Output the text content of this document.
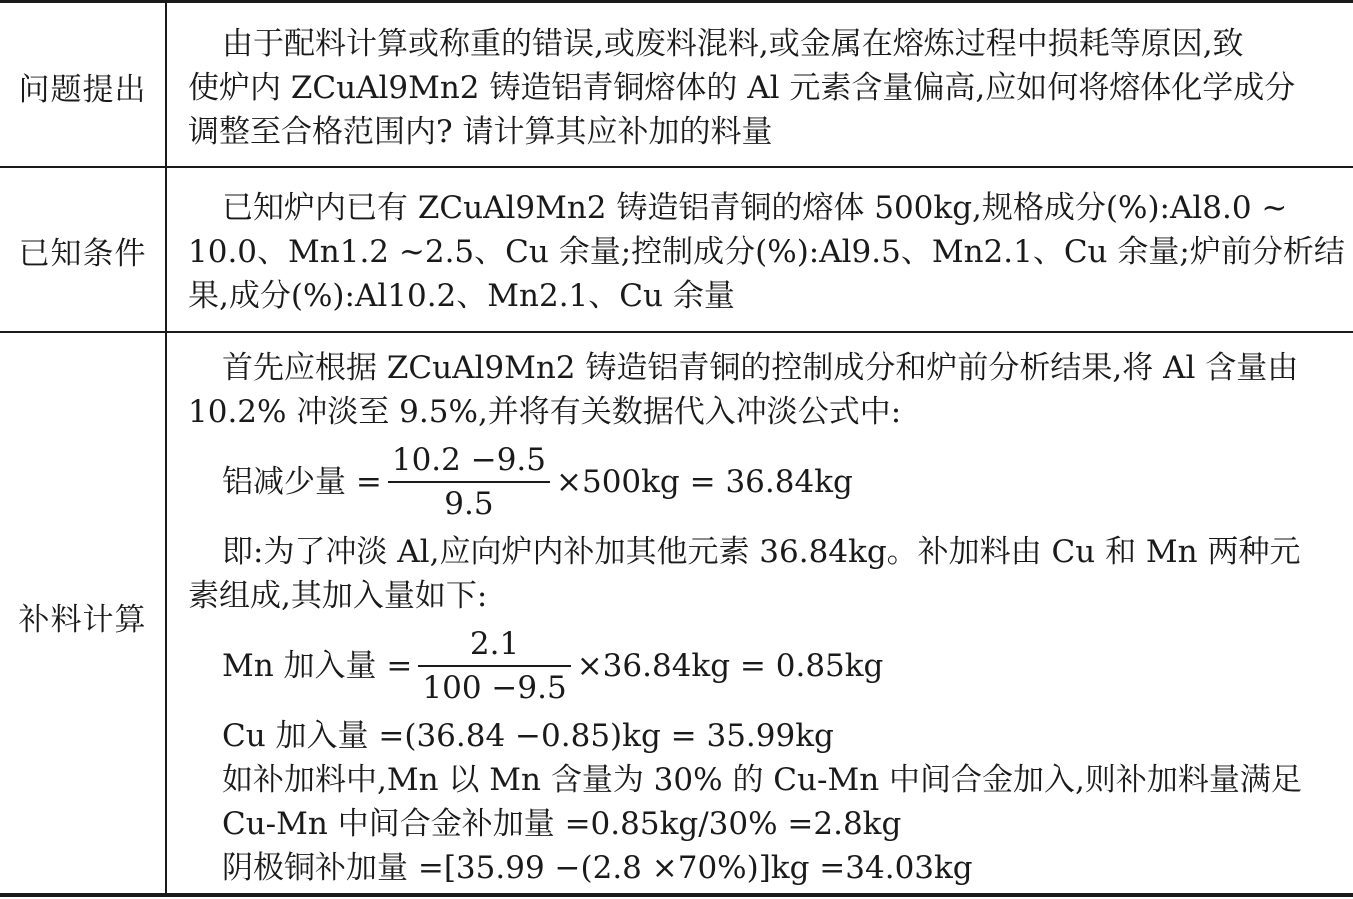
问题提出
由于配料计算或称重的错误,或废料混料,或金属在熔炼过程中损耗等原因,致
使炉内 ZCuAl9Mn2 铸造铝青铜熔体的 Al 元素含量偏高,应如何将熔体化学成分
调整至合格范围内? 请计算其应补加的料量
已知条件
已知炉内已有 ZCuAl9Mn2 铸造铝青铜的熔体 500kg,规格成分(%):Al8.0 ~
10.0、Mn1.2 ~2.5、Cu 余量;控制成分(%):Al9.5、Mn2.1、Cu 余量;炉前分析结
果,成分(%):Al10.2、Mn2.1、Cu 余量
补料计算
首先应根据 ZCuAl9Mn2 铸造铝青铜的控制成分和炉前分析结果,将 Al 含量由
10.2% 冲淡至 9.5%,并将有关数据代入冲淡公式中:
铝减少量 = $\frac{10.2 -9.5}{9.5} \times 500kg = 36.84kg$
即:为了冲淡 Al,应向炉内补加其他元素 36.84kg。补加料由 Cu 和 Mn 两种元
素组成,其加入量如下:
Mn 加入量 = $\frac{2.1}{100 -9.5} \times 36.84kg = 0.85kg$
Cu 加入量 =(36.84 −0.85)kg = 35.99kg
如补加料中,Mn 以 Mn 含量为 30% 的 Cu-Mn 中间合金加入,则补加料量满足
Cu-Mn 中间合金补加量 =0.85kg/30% =2.8kg
阴极铜补加量 =[35.99 −(2.8 ×70%)]kg =34.03kg
